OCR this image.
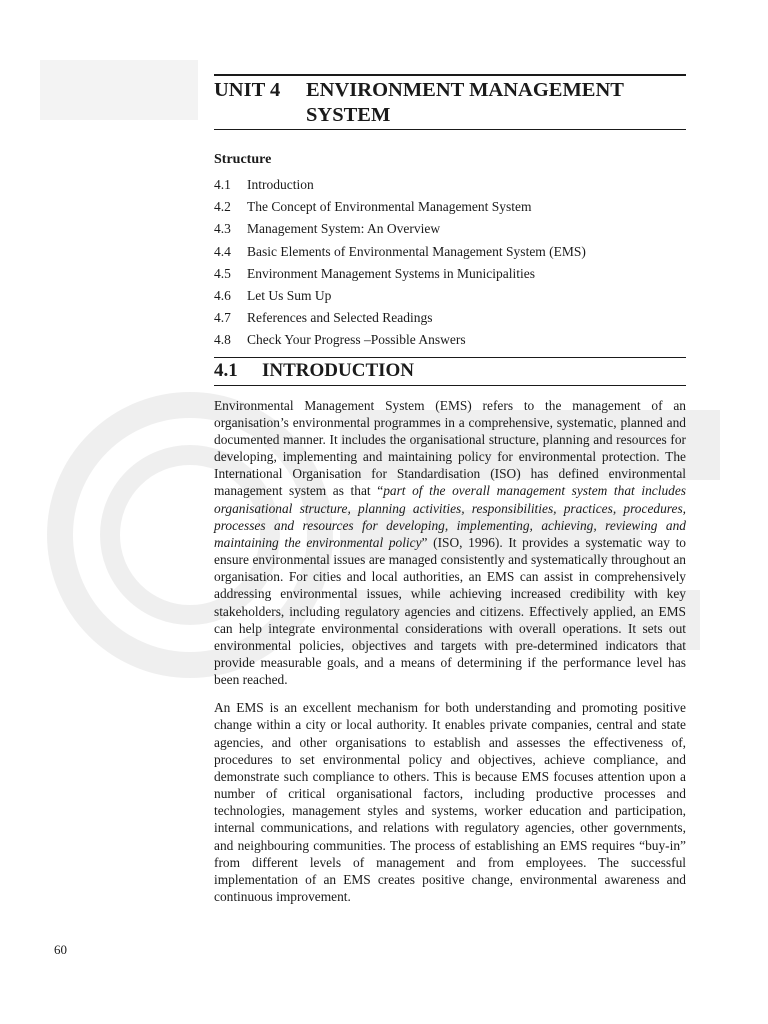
UNIT 4	ENVIRONMENT MANAGEMENT
SYSTEM
Structure
4.1	Introduction
4.2	The Concept of Environmental Management System
4.3	Management System: An Overview
4.4	Basic Elements of Environmental Management System (EMS)
4.5	Environment Management Systems in Municipalities
4.6	Let Us Sum Up
4.7	References and Selected Readings
4.8	Check Your Progress –Possible Answers
4.1	INTRODUCTION

Environmental Management System (EMS) refers to the management of an organisation’s environmental programmes in a comprehensive, systematic, planned and documented manner. It includes the organisational structure, planning and resources for developing, implementing and maintaining policy for environmental protection. The International Organisation for Standardisation (ISO) has defined environmental management system as that “part of the overall management system that includes organisational structure, planning activities, responsibilities, practices, procedures, processes and resources for developing, implementing, achieving, reviewing and maintaining the environmental policy” (ISO, 1996). It provides a systematic way to ensure environmental issues are managed consistently and systematically throughout an organisation. For cities and local authorities, an EMS can assist in comprehensively addressing environmental issues, while achieving increased credibility with key stakeholders, including regulatory agencies and citizens. Effectively applied, an EMS can help integrate environmental considerations with overall operations. It sets out environmental policies, objectives and targets with pre-determined indicators that provide measurable goals, and a means of determining if the performance level has been reached.

An EMS is an excellent mechanism for both understanding and promoting positive change within a city or local authority. It enables private companies, central and state agencies, and other organisations to establish and assesses the effectiveness of, procedures to set environmental policy and objectives, achieve compliance, and demonstrate such compliance to others. This is because EMS focuses attention upon a number of critical organisational factors, including productive processes and technologies, management styles and systems, worker education and participation, internal communications, and relations with regulatory agencies, other governments, and neighbouring communities. The process of establishing an EMS requires “buy-in” from different levels of management and from employees. The successful implementation of an EMS creates positive change, environmental awareness and continuous improvement.

60
